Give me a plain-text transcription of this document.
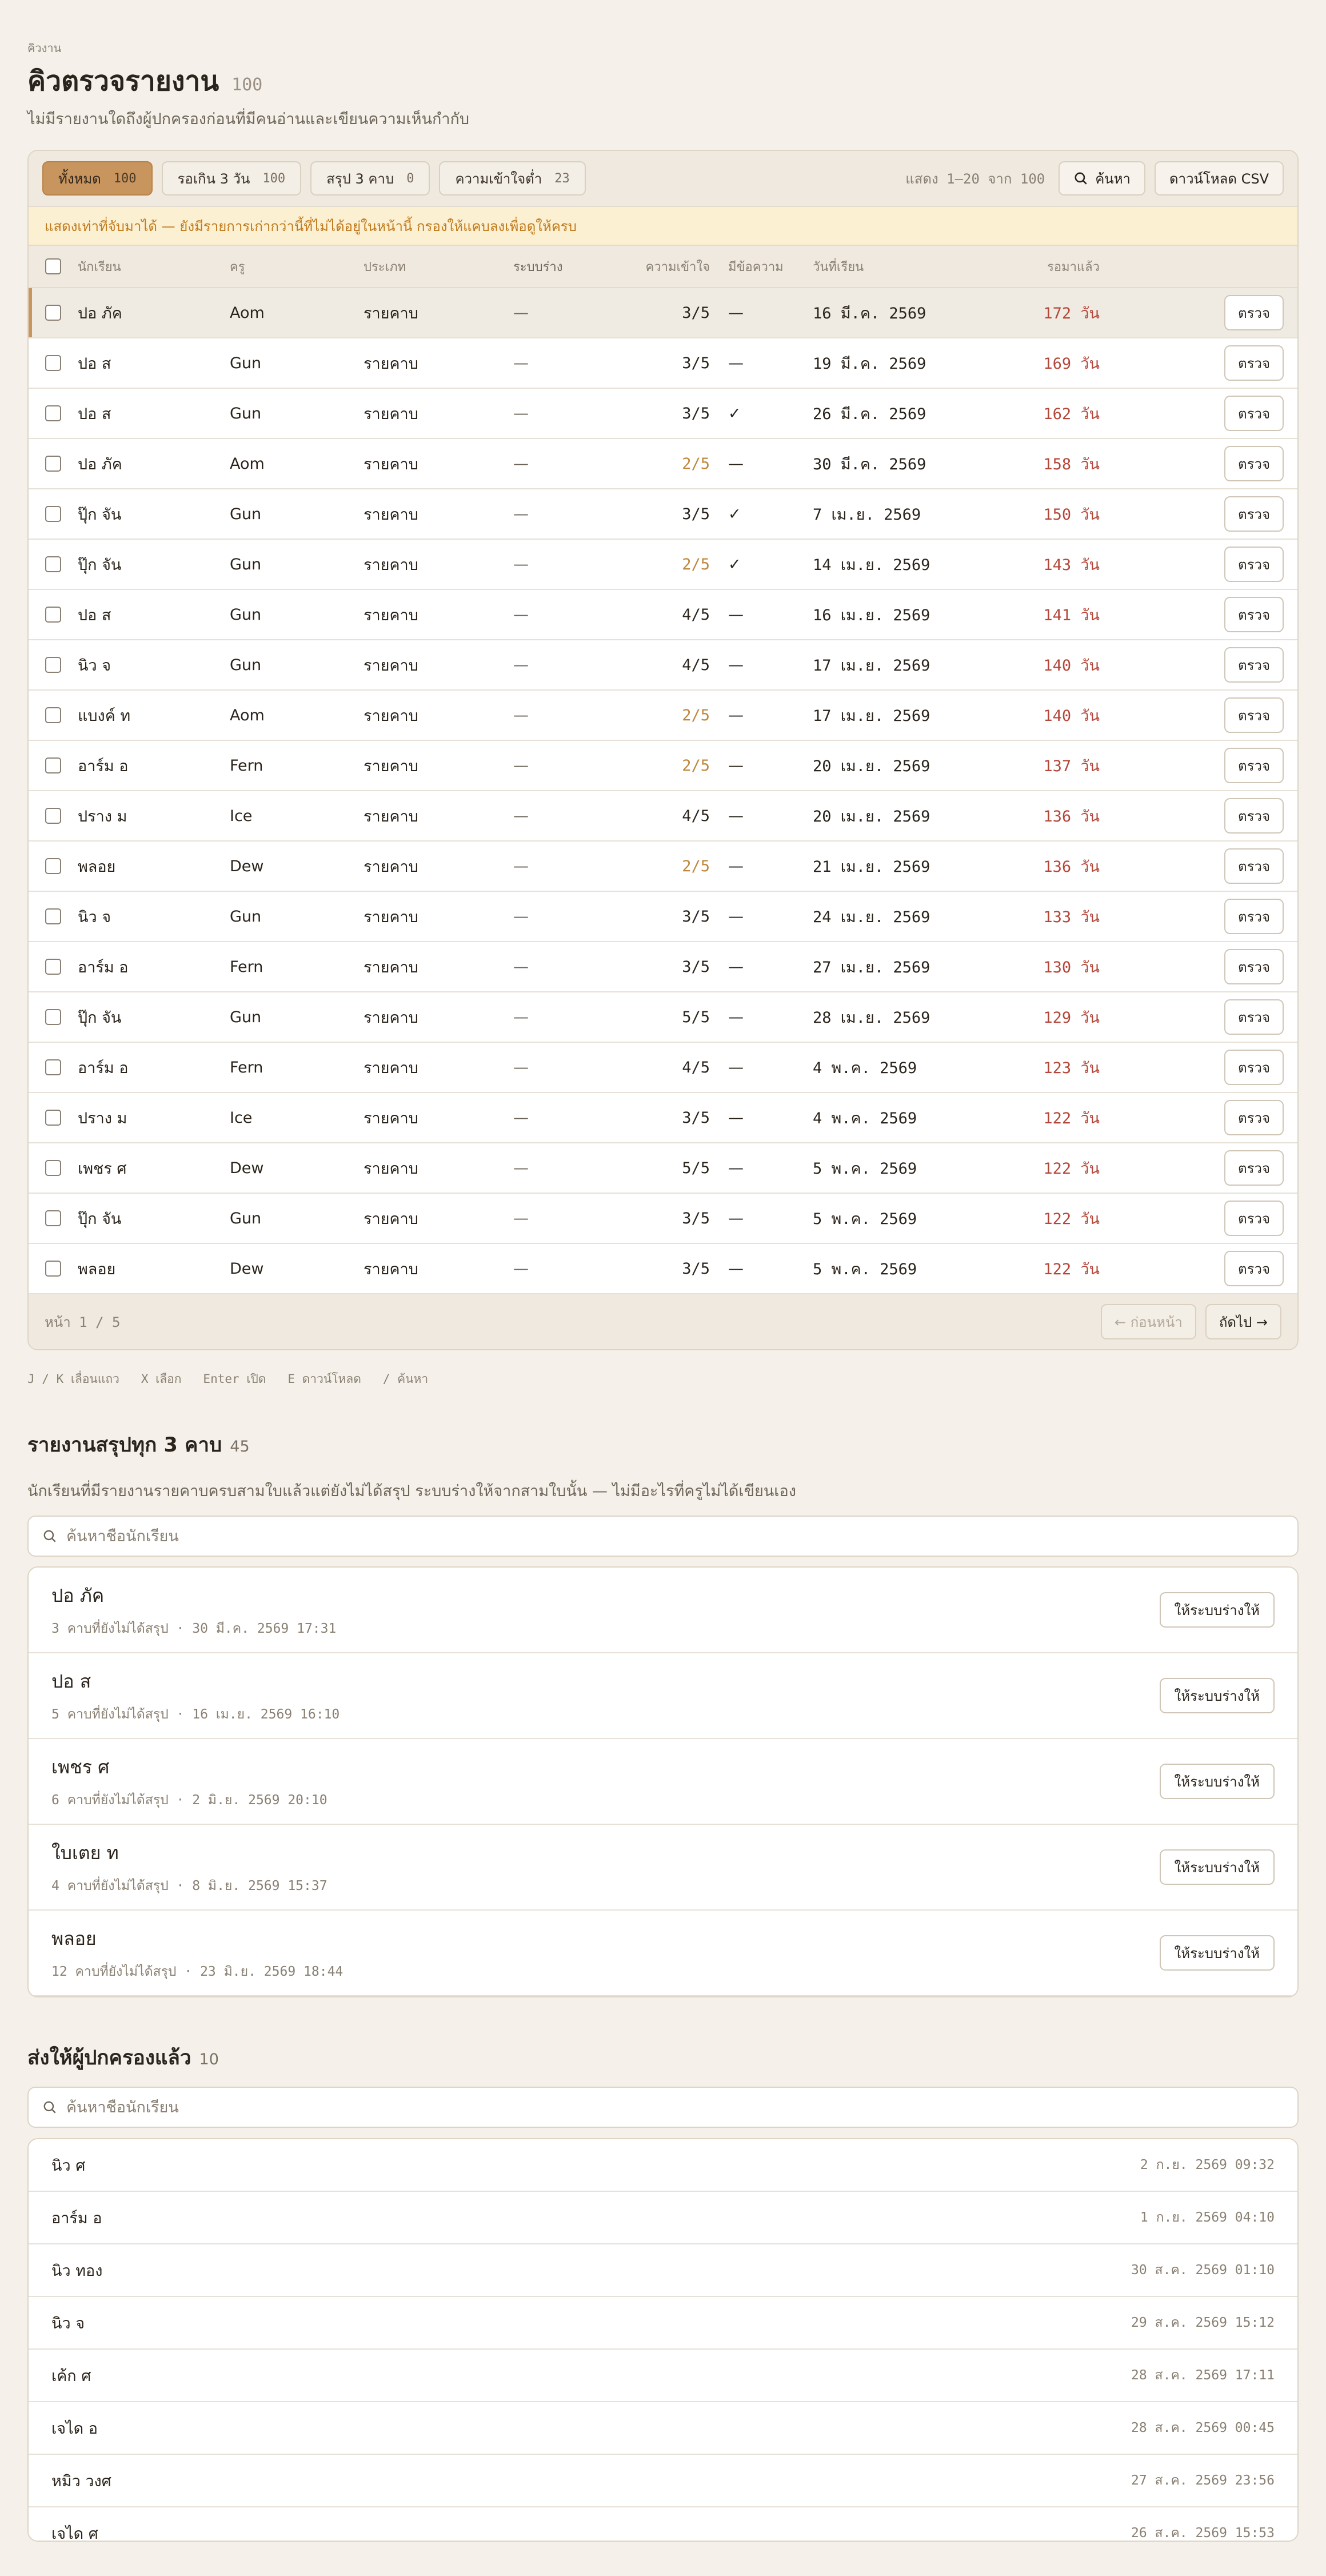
คิวงาน
คิวตรวจรายงาน 100
ไม่มีรายงานใดถึงผู้ปกครองก่อนที่มีคนอ่านและเขียนความเห็นกำกับ
ทั้งหมด 100	รอเกิน 3 วัน 100	สรุป 3 คาบ 0	ความเข้าใจต่ำ 23	แสดง 1–20 จาก 100	ค้นหา	ดาวน์โหลด CSV
แสดงเท่าที่จับมาได้ — ยังมีรายการเก่ากว่านี้ที่ไม่ได้อยู่ในหน้านี้ กรองให้แคบลงเพื่อดูให้ครบ
นักเรียน	ครู	ประเภท	ระบบร่าง	ความเข้าใจ	มีข้อความ	วันที่เรียน	รอมาแล้ว
ปอ ภัค	Aom	รายคาบ	—	3/5	—	16 มี.ค. 2569	172 วัน	ตรวจ
ปอ ส	Gun	รายคาบ	—	3/5	—	19 มี.ค. 2569	169 วัน	ตรวจ
ปอ ส	Gun	รายคาบ	—	3/5	✓	26 มี.ค. 2569	162 วัน	ตรวจ
ปอ ภัค	Aom	รายคาบ	—	2/5	—	30 มี.ค. 2569	158 วัน	ตรวจ
ปุ๊ก จัน	Gun	รายคาบ	—	3/5	✓	7 เม.ย. 2569	150 วัน	ตรวจ
ปุ๊ก จัน	Gun	รายคาบ	—	2/5	✓	14 เม.ย. 2569	143 วัน	ตรวจ
ปอ ส	Gun	รายคาบ	—	4/5	—	16 เม.ย. 2569	141 วัน	ตรวจ
นิว จ	Gun	รายคาบ	—	4/5	—	17 เม.ย. 2569	140 วัน	ตรวจ
แบงค์ ท	Aom	รายคาบ	—	2/5	—	17 เม.ย. 2569	140 วัน	ตรวจ
อาร์ม อ	Fern	รายคาบ	—	2/5	—	20 เม.ย. 2569	137 วัน	ตรวจ
ปราง ม	Ice	รายคาบ	—	4/5	—	20 เม.ย. 2569	136 วัน	ตรวจ
พลอย	Dew	รายคาบ	—	2/5	—	21 เม.ย. 2569	136 วัน	ตรวจ
นิว จ	Gun	รายคาบ	—	3/5	—	24 เม.ย. 2569	133 วัน	ตรวจ
อาร์ม อ	Fern	รายคาบ	—	3/5	—	27 เม.ย. 2569	130 วัน	ตรวจ
ปุ๊ก จัน	Gun	รายคาบ	—	5/5	—	28 เม.ย. 2569	129 วัน	ตรวจ
อาร์ม อ	Fern	รายคาบ	—	4/5	—	4 พ.ค. 2569	123 วัน	ตรวจ
ปราง ม	Ice	รายคาบ	—	3/5	—	4 พ.ค. 2569	122 วัน	ตรวจ
เพชร ศ	Dew	รายคาบ	—	5/5	—	5 พ.ค. 2569	122 วัน	ตรวจ
ปุ๊ก จัน	Gun	รายคาบ	—	3/5	—	5 พ.ค. 2569	122 วัน	ตรวจ
พลอย	Dew	รายคาบ	—	3/5	—	5 พ.ค. 2569	122 วัน	ตรวจ
หน้า 1 / 5	← ก่อนหน้า	ถัดไป →
J / K เลื่อนแถว   X เลือก   Enter เปิด   E ดาวน์โหลด   / ค้นหา
รายงานสรุปทุก 3 คาบ 45
นักเรียนที่มีรายงานรายคาบครบสามใบแล้วแต่ยังไม่ได้สรุป ระบบร่างให้จากสามใบนั้น — ไม่มีอะไรที่ครูไม่ได้เขียนเอง
ค้นหาชื่อนักเรียน
ปอ ภัค
3 คาบที่ยังไม่ได้สรุป · 30 มี.ค. 2569 17:31
ให้ระบบร่างให้
ปอ ส
5 คาบที่ยังไม่ได้สรุป · 16 เม.ย. 2569 16:10
ให้ระบบร่างให้
เพชร ศ
6 คาบที่ยังไม่ได้สรุป · 2 มิ.ย. 2569 20:10
ให้ระบบร่างให้
ใบเตย ท
4 คาบที่ยังไม่ได้สรุป · 8 มิ.ย. 2569 15:37
ให้ระบบร่างให้
พลอย
12 คาบที่ยังไม่ได้สรุป · 23 มิ.ย. 2569 18:44
ให้ระบบร่างให้
ส่งให้ผู้ปกครองแล้ว 10
ค้นหาชื่อนักเรียน
นิว ศ	2 ก.ย. 2569 09:32
อาร์ม อ	1 ก.ย. 2569 04:10
นิว ทอง	30 ส.ค. 2569 01:10
นิว จ	29 ส.ค. 2569 15:12
เค้ก ศ	28 ส.ค. 2569 17:11
เจได อ	28 ส.ค. 2569 00:45
หมิว วงศ	27 ส.ค. 2569 23:56
เจได ศ	26 ส.ค. 2569 15:53
